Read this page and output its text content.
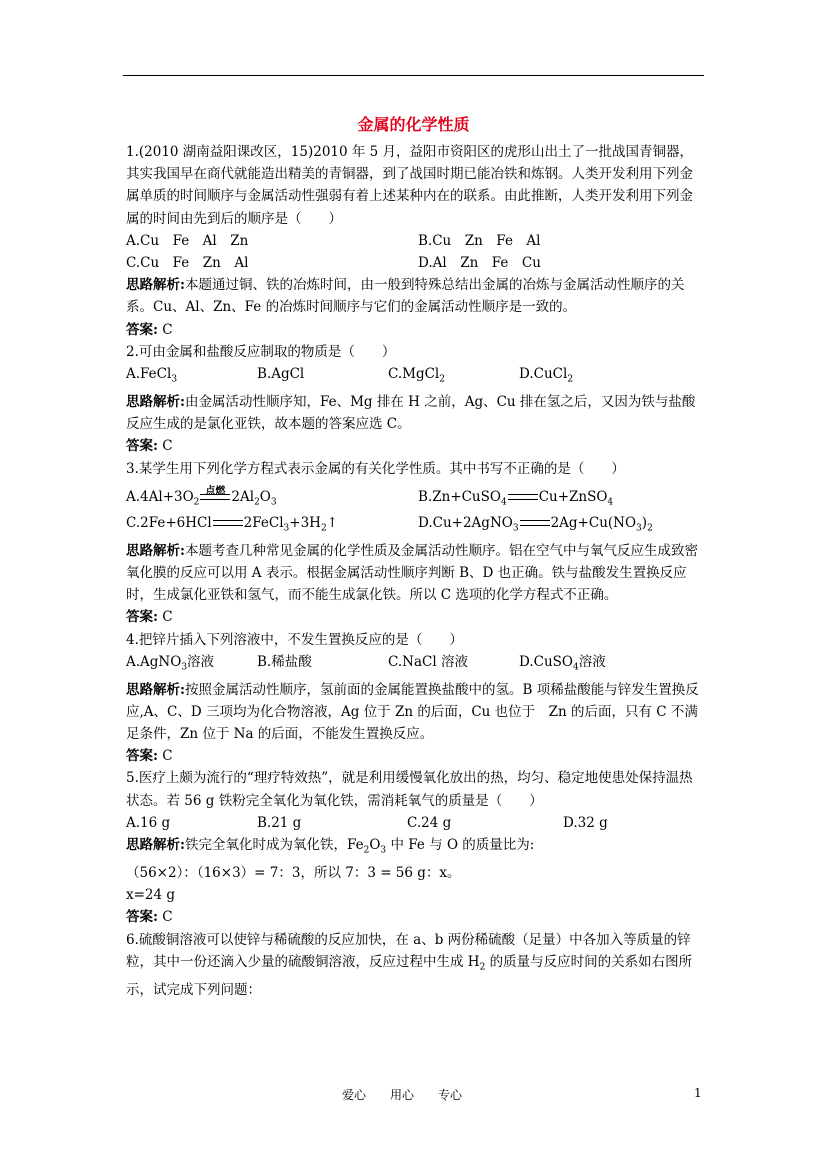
金属的化学性质

1.(2010 湖南益阳课改区，15)2010 年 5 月，益阳市资阳区的虎形山出土了一批战国青铜器，其实我国早在商代就能造出精美的青铜器，到了战国时期已能冶铁和炼钢。人类开发利用下列金属单质的时间顺序与金属活动性强弱有着上述某种内在的联系。由此推断，人类开发利用下列金属的时间由先到后的顺序是（　　）

A.Cu　Fe　Al　Zn	B.Cu　Zn　Fe　Al
C.Cu　Fe　Zn　Al	D.Al　Zn　Fe　Cu

思路解析:本题通过铜、铁的冶炼时间，由一般到特殊总结出金属的冶炼与金属活动性顺序的关系。Cu、Al、Zn、Fe 的冶炼时间顺序与它们的金属活动性顺序是一致的。

答案: C

2.可由金属和盐酸反应制取的物质是（　　）

A.FeCl$_3$	B.AgCl	C.MgCl$_2$	D.CuCl$_2$

思路解析:由金属活动性顺序知，Fe、Mg 排在 H 之前，Ag、Cu 排在氢之后，又因为铁与盐酸反应生成的是氯化亚铁，故本题的答案应选 C。

答案: C

3.某学生用下列化学方程式表示金属的有关化学性质。其中书写不正确的是（　　）

$A.4Al+3O_2$
点燃 $2Al_2O_3$	B.Zn+CuSO$_4$ Cu+ZnSO$_4$
C.2Fe+6HCl $2FeCl_3+3H_2↑$	D.Cu+2AgNO$_3$ $2Ag+Cu(NO_3)_2$

思路解析:本题考查几种常见金属的化学性质及金属活动性顺序。铝在空气中与氧气反应生成致密氧化膜的反应可以用 A 表示。根据金属活动性顺序判断 B、D 也正确。铁与盐酸发生置换反应时，生成氯化亚铁和氢气，而不能生成氯化铁。所以 C 选项的化学方程式不正确。

答案: C

4.把锌片插入下列溶液中，不发生置换反应的是（　　）

A.AgNO$_3$溶液	B.稀盐酸	C.NaCl 溶液	D.CuSO$_4$溶液

思路解析:按照金属活动性顺序，氢前面的金属能置换盐酸中的氢。B 项稀盐酸能与锌发生置换反应,A、C、D 三项均为化合物溶液，Ag 位于 Zn 的后面，Cu 也位于　Zn 的后面，只有 C 不满足条件，Zn 位于 Na 的后面，不能发生置换反应。

答案: C

5.医疗上颇为流行的“理疗特效热”，就是利用缓慢氧化放出的热，均匀、稳定地使患处保持温热状态。若 56 g 铁粉完全氧化为氧化铁，需消耗氧气的质量是（　　）

A.16 g	B.21 g	C.24 g	D.32 g

思路解析:铁完全氧化时成为氧化铁，$Fe_2O_3$ 中 Fe 与 O 的质量比为:

（56×2）：（16×3）= 7：3，所以 7：3 = 56 g：x。

x=24 g

答案: C

6.硫酸铜溶液可以使锌与稀硫酸的反应加快，在 a、b 两份稀硫酸（足量）中各加入等质量的锌粒，其中一份还滴入少量的硫酸铜溶液，反应过程中生成 $H_2$ 的质量与反应时间的关系如右图所示，试完成下列问题：

爱心　　用心　　专心	1
